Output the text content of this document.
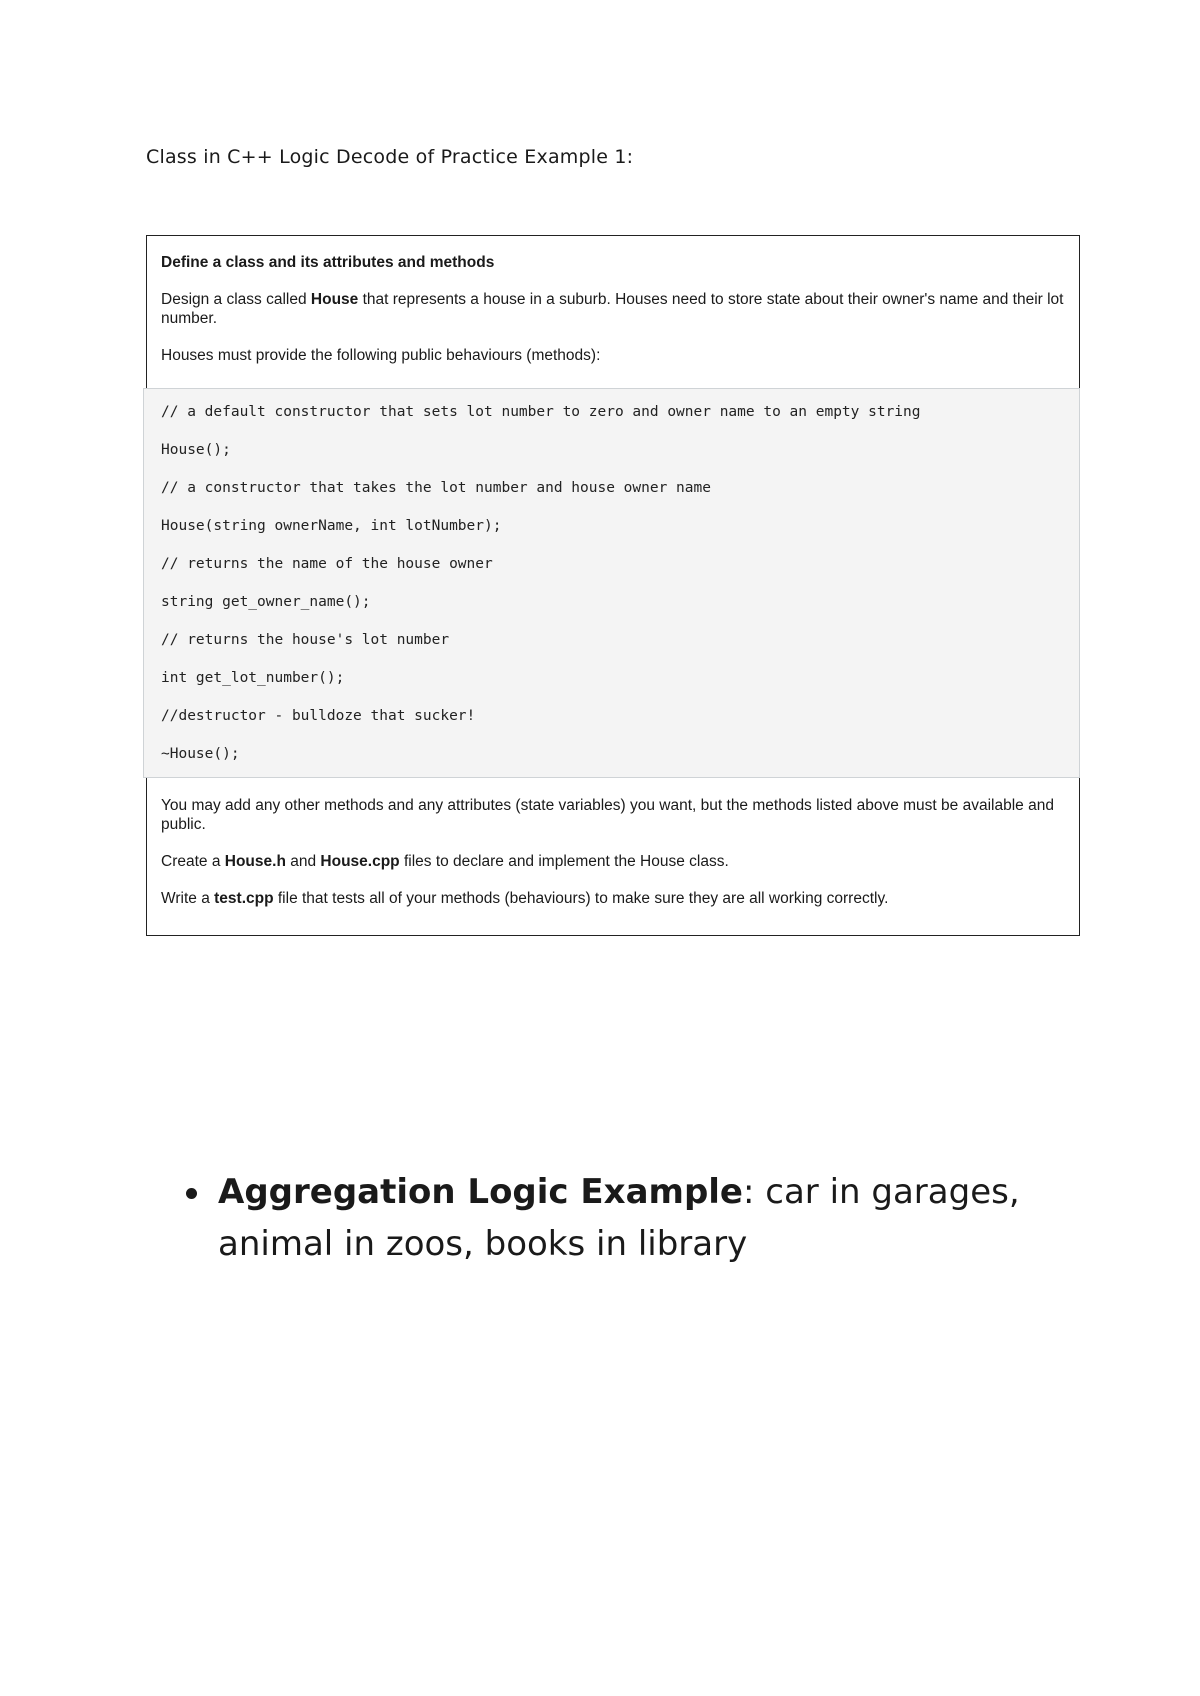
Class in C++ Logic Decode of Practice Example 1:

Define a class and its attributes and methods

Design a class called House that represents a house in a suburb. Houses need to store state about their owner's name and their lot number.

Houses must provide the following public behaviours (methods):

// a default constructor that sets lot number to zero and owner name to an empty string
House();
// a constructor that takes the lot number and house owner name
House(string ownerName, int lotNumber);
// returns the name of the house owner
string get_owner_name();
// returns the house's lot number
int get_lot_number();
//destructor - bulldoze that sucker!
~House();

You may add any other methods and any attributes (state variables) you want, but the methods listed above must be available and public.

Create a House.h and House.cpp files to declare and implement the House class.

Write a test.cpp file that tests all of your methods (behaviours) to make sure they are all working correctly.

Aggregation Logic Example: car in garages, animal in zoos, books in library
